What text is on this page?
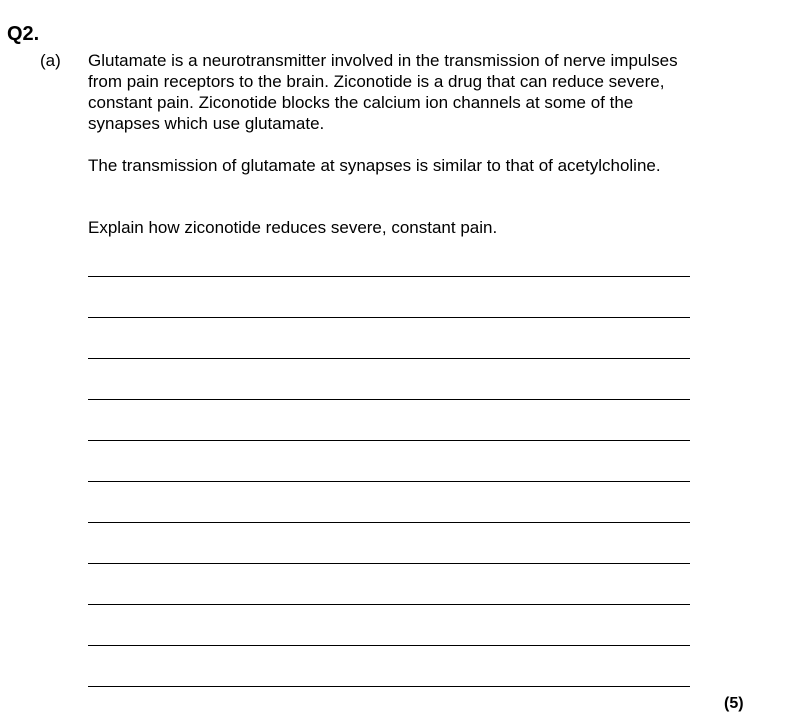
Q2.
(a) Glutamate is a neurotransmitter involved in the transmission of nerve impulses from pain receptors to the brain. Ziconotide is a drug that can reduce severe, constant pain. Ziconotide blocks the calcium ion channels at some of the synapses which use glutamate.

The transmission of glutamate at synapses is similar to that of acetylcholine.

Explain how ziconotide reduces severe, constant pain.

(5)
